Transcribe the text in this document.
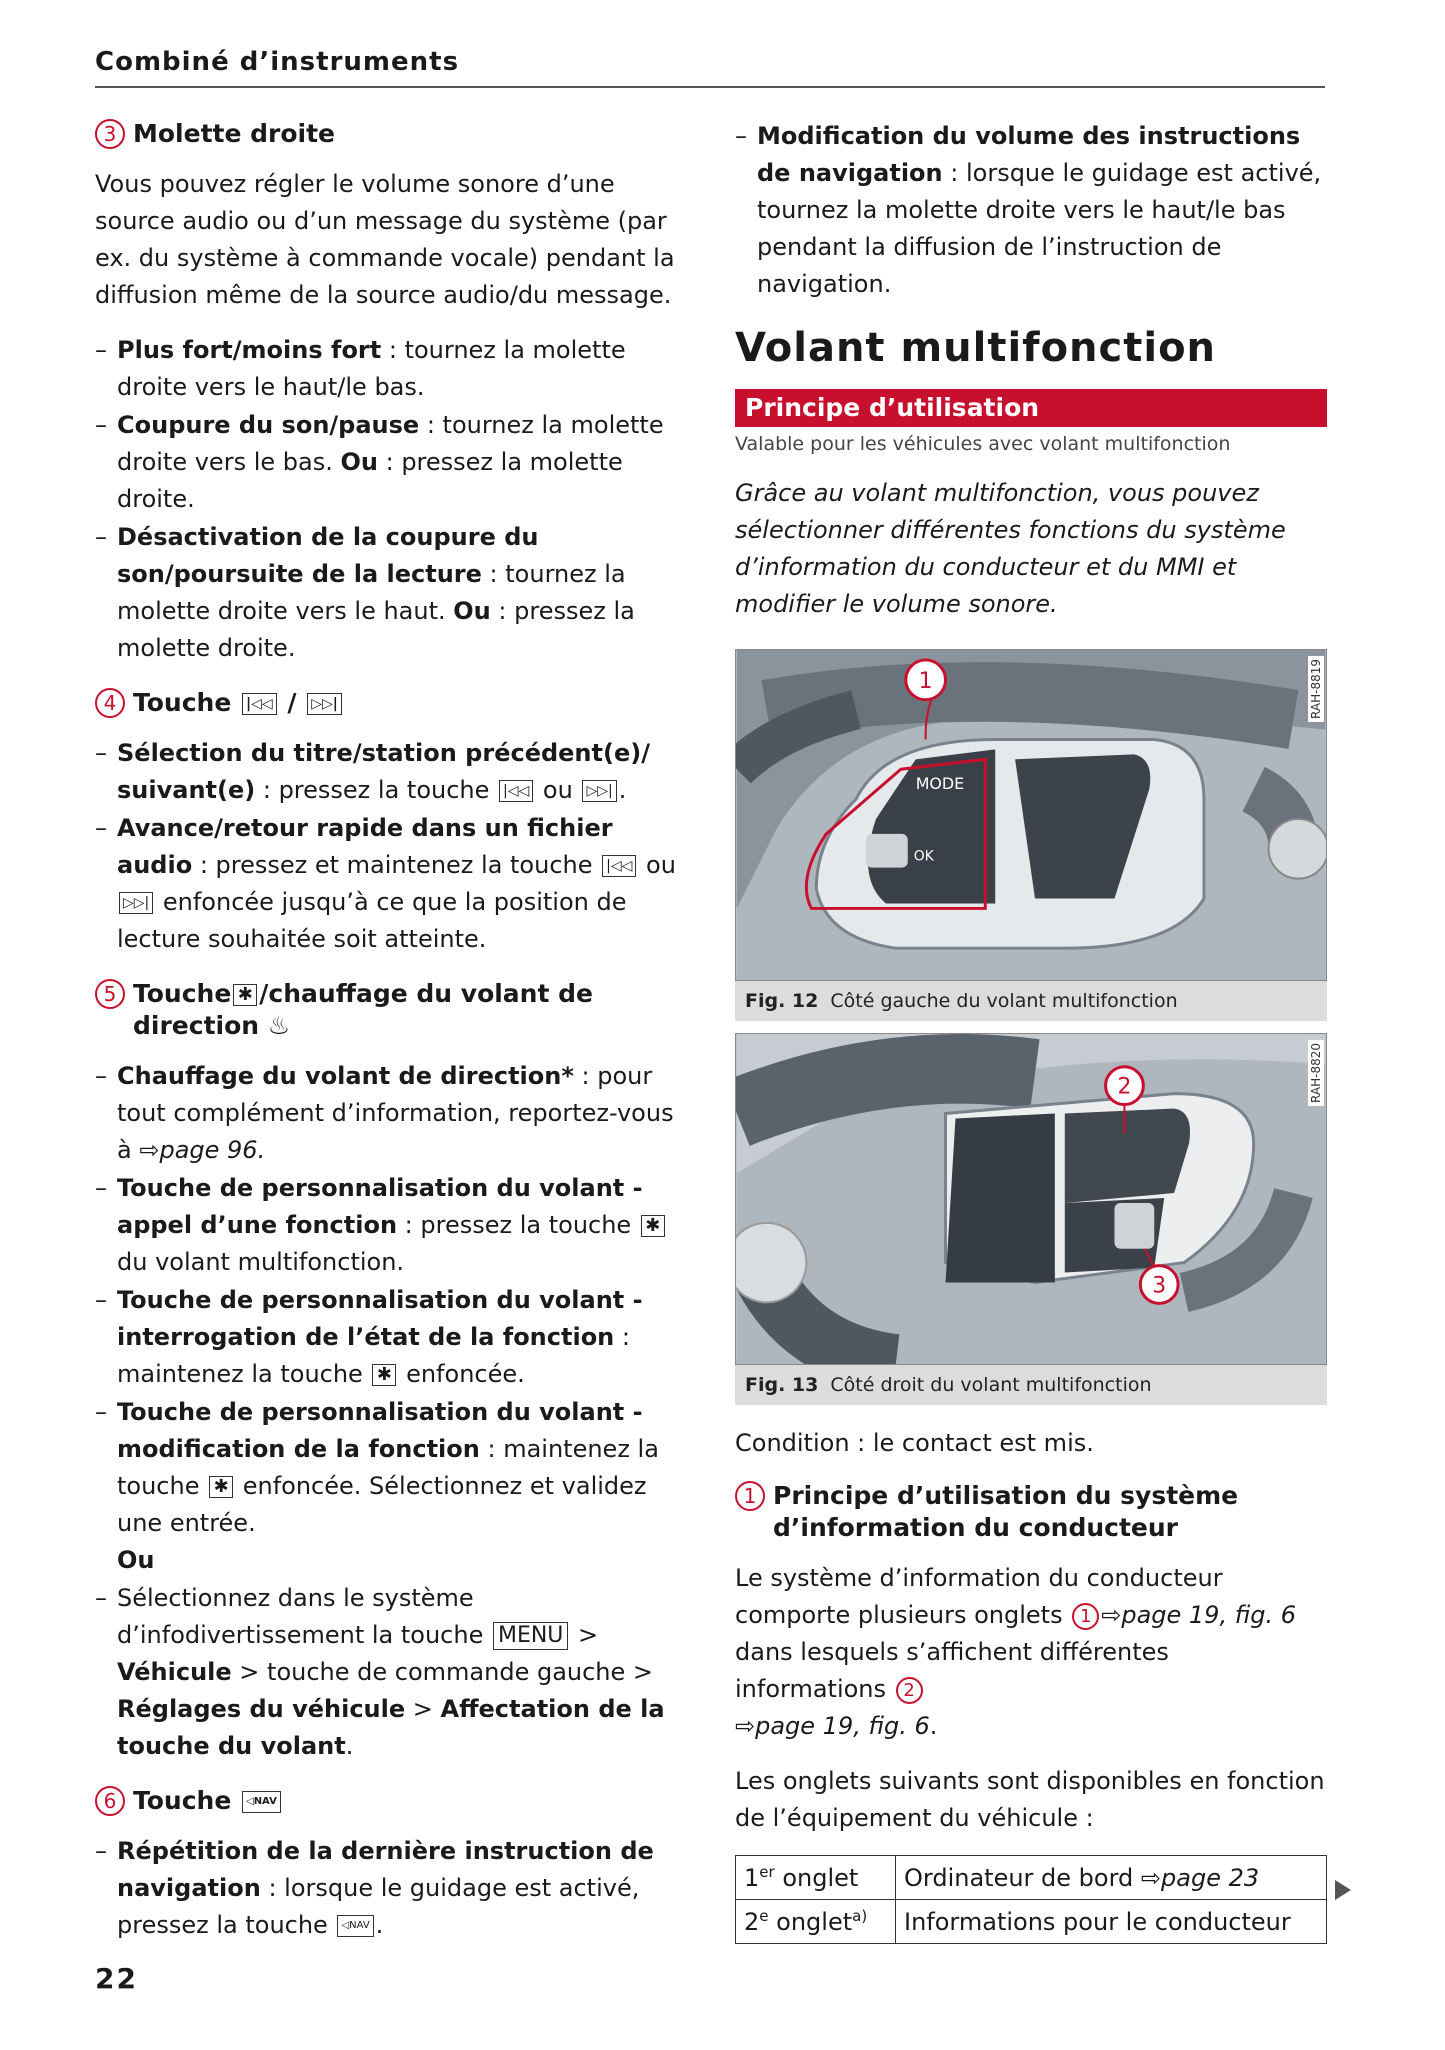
Combiné d’instruments
3 Molette droite

Vous pouvez régler le volume sonore d’une source audio ou d’un message du système (par ex. du système à commande vocale) pendant la diffusion même de la source audio/du message.

– Plus fort/moins fort : tournez la molette droite vers le haut/le bas.
– Coupure du son/pause : tournez la molette droite vers le bas. Ou : pressez la molette droite.
– Désactivation de la coupure du son/poursuite de la lecture : tournez la molette droite vers le haut. Ou : pressez la molette droite.
4 Touche |◁◁ / ▷▷|
– Sélection du titre/station précédent(e)/ suivant(e) : pressez la touche |◁◁ ou ▷▷| .
– Avance/retour rapide dans un fichier audio : pressez et maintenez la touche |◁◁ ou ▷▷| enfoncée jusqu’à ce que la position de lecture souhaitée soit atteinte.
5 Touche ✱ /chauffage du volant de direction ♨
– Chauffage du volant de direction* : pour tout complément d’information, reportez-vous à ⇨page 96.
– Touche de personnalisation du volant - appel d’une fonction : pressez la touche ✱ du volant multifonction.
– Touche de personnalisation du volant - interrogation de l’état de la fonction : maintenez la touche ✱ enfoncée.
– Touche de personnalisation du volant - modification de la fonction : maintenez la touche ✱ enfoncée. Sélectionnez et validez une entrée.
Ou
– Sélectionnez dans le système d’infodivertissement la touche MENU > Véhicule > touche de commande gauche > Réglages du véhicule > Affectation de la touche du volant.
6 Touche ◁NAV
– Répétition de la dernière instruction de navigation : lorsque le guidage est activé, pressez la touche ◁NAV .
– Modification du volume des instructions de navigation : lorsque le guidage est activé, tournez la molette droite vers le haut/le bas pendant la diffusion de l’instruction de navigation.
Volant multifonction
Principe d’utilisation
Valable pour les véhicules avec volant multifonction

Grâce au volant multifonction, vous pouvez sélectionner différentes fonctions du système d’information du conducteur et du MMI et modifier le volume sonore.

MODE
OK
1	RAH-8819
Fig. 12 Côté gauche du volant multifonction
2
3
RAH-8820
Fig. 13 Côté droit du volant multifonction

Condition : le contact est mis.

1 Principe d’utilisation du système d’information du conducteur

Le système d’information du conducteur comporte plusieurs onglets 1 ⇨page 19, fig. 6 dans lesquels s’affichent différentes informations 2
⇨page 19, fig. 6.

Les onglets suivants sont disponibles en fonction de l’équipement du véhicule :

1er onglet	Ordinateur de bord ⇨page 23
2e onglet$^{a)}$	Informations pour le conducteur
22
